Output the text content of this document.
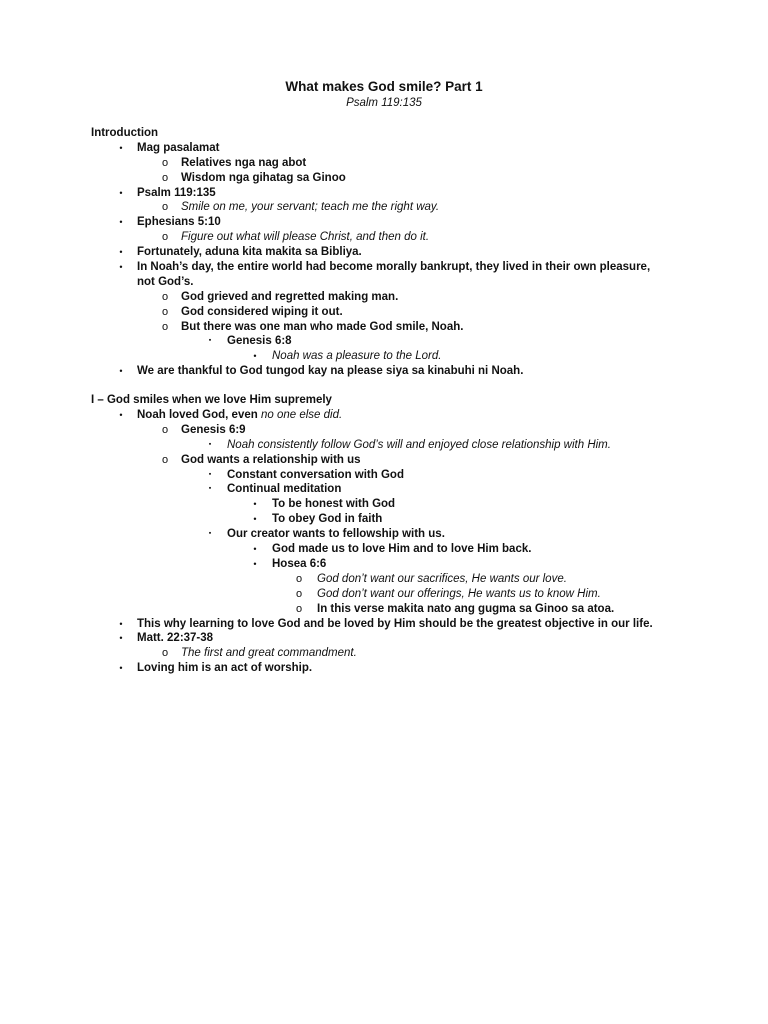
What makes God smile? Part 1
Psalm 119:135
Introduction
•	Mag pasalamat
o	Relatives nga nag abot
o	Wisdom nga gihatag sa Ginoo
•	Psalm 119:135
o	Smile on me, your servant; teach me the right way.
•	Ephesians 5:10
o	Figure out what will please Christ, and then do it.
•	Fortunately, aduna kita makita sa Bibliya.
•	In Noah’s day, the entire world had become morally bankrupt, they lived in their own pleasure,
not God’s.
o	God grieved and regretted making man.
o	God considered wiping it out.
o	But there was one man who made God smile, Noah.
▪	Genesis 6:8
•	Noah was a pleasure to the Lord.
•	We are thankful to God tungod kay na please siya sa kinabuhi ni Noah.
I – God smiles when we love Him supremely
•	Noah loved God, even no one else did.
o	Genesis 6:9
▪	Noah consistently follow God’s will and enjoyed close relationship with Him.
o	God wants a relationship with us
▪	Constant conversation with God
▪	Continual meditation
•	To be honest with God
•	To obey God in faith
▪	Our creator wants to fellowship with us.
•	God made us to love Him and to love Him back.
•	Hosea 6:6
o	God don’t want our sacrifices, He wants our love.
o	God don’t want our offerings, He wants us to know Him.
o	In this verse makita nato ang gugma sa Ginoo sa atoa.
•	This why learning to love God and be loved by Him should be the greatest objective in our life.
•	Matt. 22:37-38
o	The first and great commandment.
•	Loving him is an act of worship.
